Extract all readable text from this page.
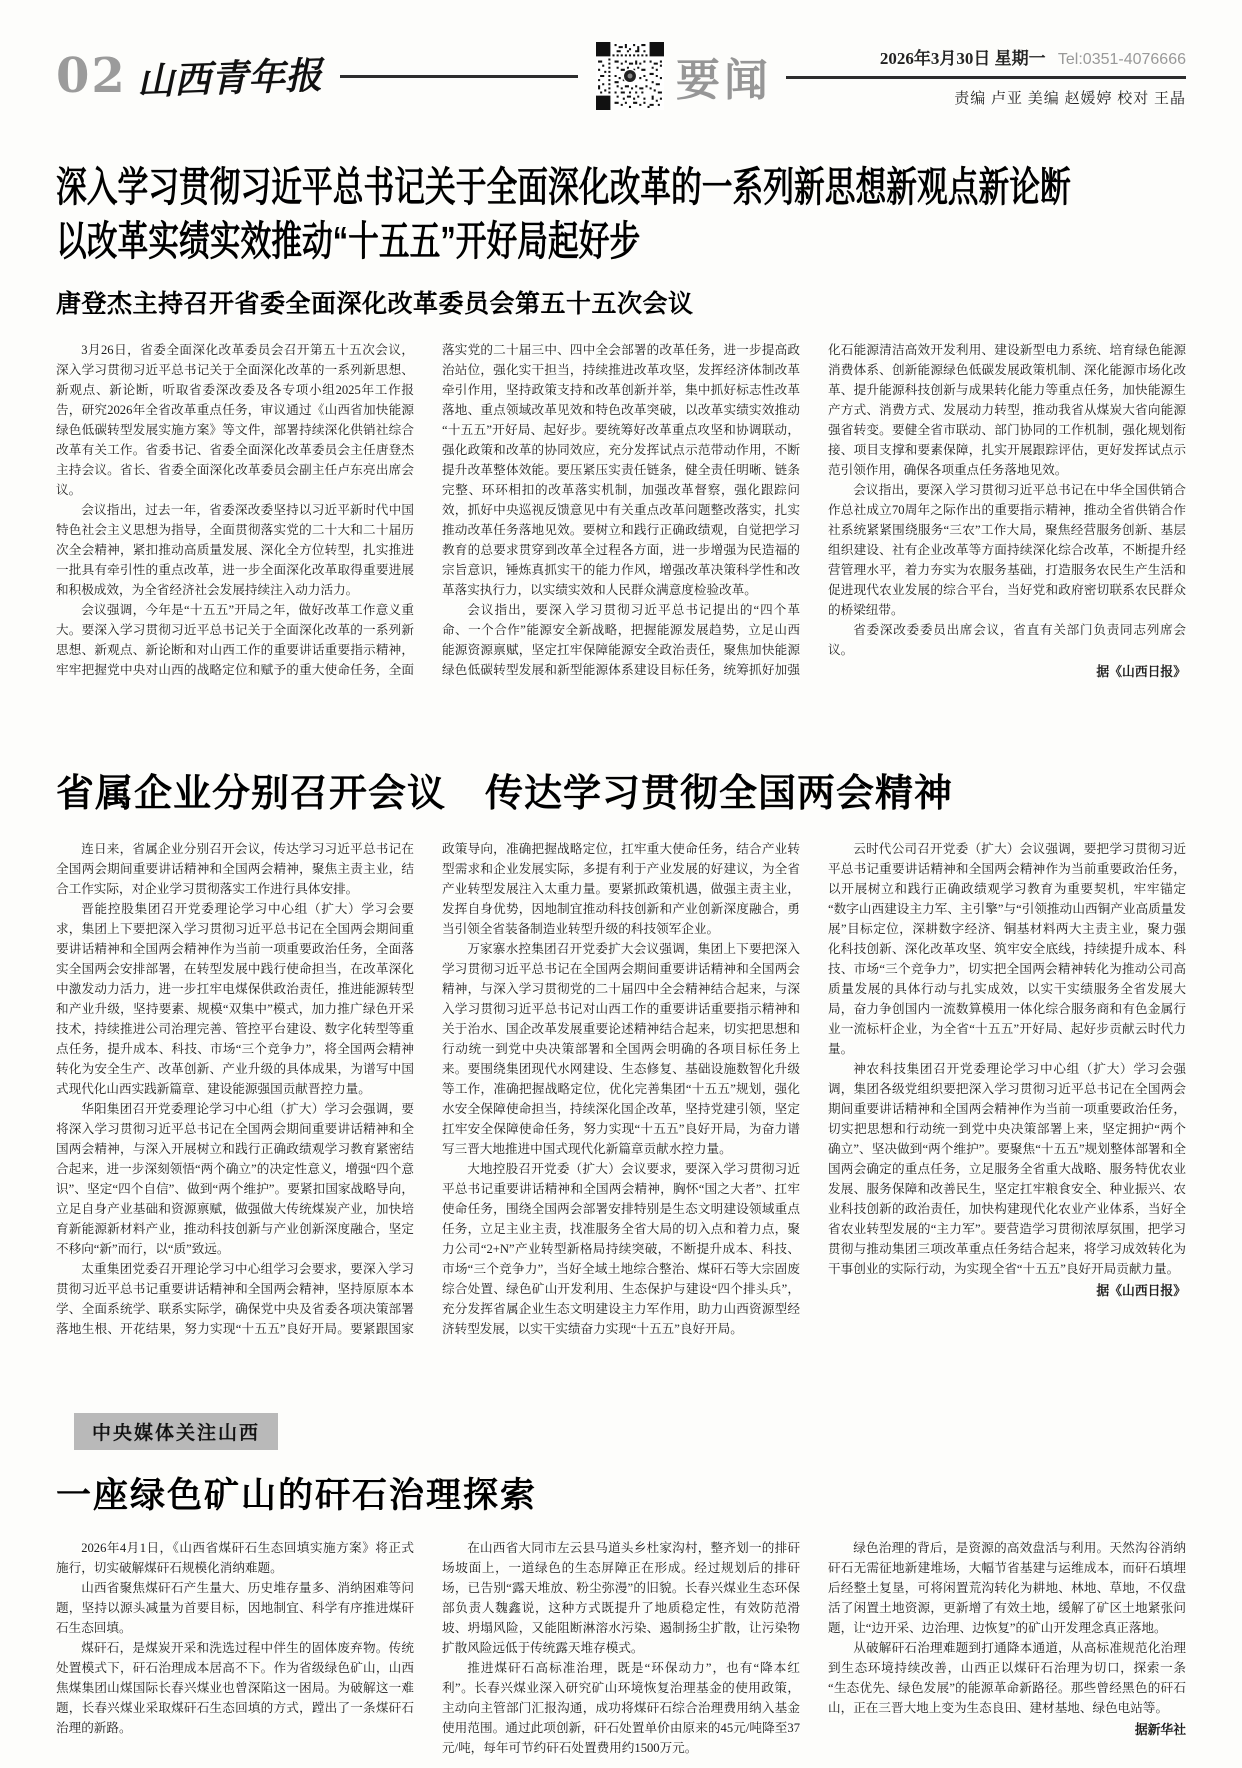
02 山西青年报	要闻	2026年3月30日 星期一 Tel:0351-4076666
责编 卢亚 美编 赵媛婷 校对 王晶
深入学习贯彻习近平总书记关于全面深化改革的一系列新思想新观点新论断
以改革实绩实效推动“十五五”开好局起好步
唐登杰主持召开省委全面深化改革委员会第五十五次会议

3月26日，省委全面深化改革委员会召开第五十五次会议，深入学习贯彻习近平总书记关于全面深化改革的一系列新思想、新观点、新论断，听取省委深改委及各专项小组2025年工作报告，研究2026年全省改革重点任务，审议通过《山西省加快能源绿色低碳转型发展实施方案》等文件，部署持续深化供销社综合改革有关工作。省委书记、省委全面深化改革委员会主任唐登杰主持会议。省长、省委全面深化改革委员会副主任卢东亮出席会议。

会议指出，过去一年，省委深改委坚持以习近平新时代中国特色社会主义思想为指导，全面贯彻落实党的二十大和二十届历次全会精神，紧扣推动高质量发展、深化全方位转型，扎实推进一批具有牵引性的重点改革，进一步全面深化改革取得重要进展和积极成效，为全省经济社会发展持续注入动力活力。

会议强调，今年是“十五五”开局之年，做好改革工作意义重大。要深入学习贯彻习近平总书记关于全面深化改革的一系列新思想、新观点、新论断和对山西工作的重要讲话重要指示精神，牢牢把握党中央对山西的战略定位和赋予的重大使命任务，全面落实党的二十届三中、四中全会部署的改革任务，进一步提高政治站位，强化实干担当，持续推进改革攻坚，发挥经济体制改革牵引作用，坚持政策支持和改革创新并举，集中抓好标志性改革落地、重点领域改革见效和特色改革突破，以改革实绩实效推动“十五五”开好局、起好步。要统筹好改革重点攻坚和协调联动，强化政策和改革的协同效应，充分发挥试点示范带动作用，不断提升改革整体效能。要压紧压实责任链条，健全责任明晰、链条完整、环环相扣的改革落实机制，加强改革督察，强化跟踪问效，抓好中央巡视反馈意见中有关重点改革问题整改落实，扎实推动改革任务落地见效。要树立和践行正确政绩观，自觉把学习教育的总要求贯穿到改革全过程各方面，进一步增强为民造福的宗旨意识，锤炼真抓实干的能力作风，增强改革决策科学性和改革落实执行力，以实绩实效和人民群众满意度检验改革。

会议指出，要深入学习贯彻习近平总书记提出的“四个革命、一个合作”能源安全新战略，把握能源发展趋势，立足山西能源资源禀赋，坚定扛牢保障能源安全政治责任，聚焦加快能源绿色低碳转型发展和新型能源体系建设目标任务，统筹抓好加强化石能源清洁高效开发利用、建设新型电力系统、培育绿色能源消费体系、创新能源绿色低碳发展政策机制、深化能源市场化改革、提升能源科技创新与成果转化能力等重点任务，加快能源生产方式、消费方式、发展动力转型，推动我省从煤炭大省向能源强省转变。要健全省市联动、部门协同的工作机制，强化规划衔接、项目支撑和要素保障，扎实开展跟踪评估，更好发挥试点示范引领作用，确保各项重点任务落地见效。

会议指出，要深入学习贯彻习近平总书记在中华全国供销合作总社成立70周年之际作出的重要指示精神，推动全省供销合作社系统紧紧围绕服务“三农”工作大局，聚焦经营服务创新、基层组织建设、社有企业改革等方面持续深化综合改革，不断提升经营管理水平，着力夯实为农服务基础，打造服务农民生产生活和促进现代农业发展的综合平台，当好党和政府密切联系农民群众的桥梁纽带。

省委深改委委员出席会议，省直有关部门负责同志列席会议。

据《山西日报》

省属企业分别召开会议　传达学习贯彻全国两会精神

连日来，省属企业分别召开会议，传达学习习近平总书记在全国两会期间重要讲话精神和全国两会精神，聚焦主责主业，结合工作实际，对企业学习贯彻落实工作进行具体安排。

晋能控股集团召开党委理论学习中心组（扩大）学习会要求，集团上下要把深入学习贯彻习近平总书记在全国两会期间重要讲话精神和全国两会精神作为当前一项重要政治任务，全面落实全国两会安排部署，在转型发展中践行使命担当，在改革深化中激发动力活力，进一步扛牢电煤保供政治责任，推进能源转型和产业升级，坚持要素、规模“双集中”模式，加力推广绿色开采技术，持续推进公司治理完善、管控平台建设、数字化转型等重点任务，提升成本、科技、市场“三个竞争力”，将全国两会精神转化为安全生产、改革创新、产业升级的具体成果，为谱写中国式现代化山西实践新篇章、建设能源强国贡献晋控力量。

华阳集团召开党委理论学习中心组（扩大）学习会强调，要将深入学习贯彻习近平总书记在全国两会期间重要讲话精神和全国两会精神，与深入开展树立和践行正确政绩观学习教育紧密结合起来，进一步深刻领悟“两个确立”的决定性意义，增强“四个意识”、坚定“四个自信”、做到“两个维护”。要紧扣国家战略导向，立足自身产业基础和资源禀赋，做强做大传统煤炭产业，加快培育新能源新材料产业，推动科技创新与产业创新深度融合，坚定不移向“新”而行，以“质”致远。

太重集团党委召开理论学习中心组学习会要求，要深入学习贯彻习近平总书记重要讲话精神和全国两会精神，坚持原原本本学、全面系统学、联系实际学，确保党中央及省委各项决策部署落地生根、开花结果，努力实现“十五五”良好开局。要紧跟国家政策导向，准确把握战略定位，扛牢重大使命任务，结合产业转型需求和企业发展实际，多提有利于产业发展的好建议，为全省产业转型发展注入太重力量。要紧抓政策机遇，做强主责主业，发挥自身优势，因地制宜推动科技创新和产业创新深度融合，勇当引领全省装备制造业转型升级的科技领军企业。

万家寨水控集团召开党委扩大会议强调，集团上下要把深入学习贯彻习近平总书记在全国两会期间重要讲话精神和全国两会精神，与深入学习贯彻党的二十届四中全会精神结合起来，与深入学习贯彻习近平总书记对山西工作的重要讲话重要指示精神和关于治水、国企改革发展重要论述精神结合起来，切实把思想和行动统一到党中央决策部署和全国两会明确的各项目标任务上来。要围绕集团现代水网建设、生态修复、基础设施数智化升级等工作，准确把握战略定位，优化完善集团“十五五”规划，强化水安全保障使命担当，持续深化国企改革，坚持党建引领，坚定扛牢安全保障使命任务，努力实现“十五五”良好开局，为奋力谱写三晋大地推进中国式现代化新篇章贡献水控力量。

大地控股召开党委（扩大）会议要求，要深入学习贯彻习近平总书记重要讲话精神和全国两会精神，胸怀“国之大者”、扛牢使命任务，围绕全国两会部署安排特别是生态文明建设领域重点任务，立足主业主责，找准服务全省大局的切入点和着力点，聚力公司“2+N”产业转型新格局持续突破，不断提升成本、科技、市场“三个竞争力”，当好全域土地综合整治、煤矸石等大宗固废综合处置、绿色矿山开发利用、生态保护与建设“四个排头兵”，充分发挥省属企业生态文明建设主力军作用，助力山西资源型经济转型发展，以实干实绩奋力实现“十五五”良好开局。

云时代公司召开党委（扩大）会议强调，要把学习贯彻习近平总书记重要讲话精神和全国两会精神作为当前重要政治任务，以开展树立和践行正确政绩观学习教育为重要契机，牢牢锚定“数字山西建设主力军、主引擎”与“引领推动山西铜产业高质量发展”目标定位，深耕数字经济、铜基材料两大主责主业，聚力强化科技创新、深化改革攻坚、筑牢安全底线，持续提升成本、科技、市场“三个竞争力”，切实把全国两会精神转化为推动公司高质量发展的具体行动与扎实成效，以实干实绩服务全省发展大局，奋力争创国内一流数算模用一体化综合服务商和有色金属行业一流标杆企业，为全省“十五五”开好局、起好步贡献云时代力量。

神农科技集团召开党委理论学习中心组（扩大）学习会强调，集团各级党组织要把深入学习贯彻习近平总书记在全国两会期间重要讲话精神和全国两会精神作为当前一项重要政治任务，切实把思想和行动统一到党中央决策部署上来，坚定拥护“两个确立”、坚决做到“两个维护”。要聚焦“十五五”规划整体部署和全国两会确定的重点任务，立足服务全省重大战略、服务特优农业发展、服务保障和改善民生，坚定扛牢粮食安全、种业振兴、农业科技创新的政治责任，加快构建现代化农业产业体系，当好全省农业转型发展的“主力军”。要营造学习贯彻浓厚氛围，把学习贯彻与推动集团三项改革重点任务结合起来，将学习成效转化为干事创业的实际行动，为实现全省“十五五”良好开局贡献力量。

据《山西日报》

中央媒体关注山西
一座绿色矿山的矸石治理探索

2026年4月1日，《山西省煤矸石生态回填实施方案》将正式施行，切实破解煤矸石规模化消纳难题。

山西省聚焦煤矸石产生量大、历史堆存量多、消纳困难等问题，坚持以源头减量为首要目标，因地制宜、科学有序推进煤矸石生态回填。

煤矸石，是煤炭开采和洗选过程中伴生的固体废弃物。传统处置模式下，矸石治理成本居高不下。作为省级绿色矿山，山西焦煤集团山煤国际长春兴煤业也曾深陷这一困局。为破解这一难题，长春兴煤业采取煤矸石生态回填的方式，蹚出了一条煤矸石治理的新路。

在山西省大同市左云县马道头乡杜家沟村，整齐划一的排矸场坡面上，一道绿色的生态屏障正在形成。经过规划后的排矸场，已告别“露天堆放、粉尘弥漫”的旧貌。长春兴煤业生态环保部负责人魏鑫说，这种方式既提升了地质稳定性，有效防范滑坡、坍塌风险，又能阻断淋溶水污染、遏制扬尘扩散，让污染物扩散风险远低于传统露天堆存模式。

推进煤矸石高标准治理，既是“环保动力”，也有“降本红利”。长春兴煤业深入研究矿山环境恢复治理基金的使用政策，主动向主管部门汇报沟通，成功将煤矸石综合治理费用纳入基金使用范围。通过此项创新，矸石处置单价由原来的45元/吨降至37元/吨，每年可节约矸石处置费用约1500万元。

绿色治理的背后，是资源的高效盘活与利用。天然沟谷消纳矸石无需征地新建堆场，大幅节省基建与运维成本，而矸石填埋后经整土复垦，可将闲置荒沟转化为耕地、林地、草地，不仅盘活了闲置土地资源，更新增了有效土地，缓解了矿区土地紧张问题，让“边开采、边治理、边恢复”的矿山开发理念真正落地。

从破解矸石治理难题到打通降本通道，从高标准规范化治理到生态环境持续改善，山西正以煤矸石治理为切口，探索一条“生态优先、绿色发展”的能源革命新路径。那些曾经黑色的矸石山，正在三晋大地上变为生态良田、建材基地、绿色电站等。

据新华社
